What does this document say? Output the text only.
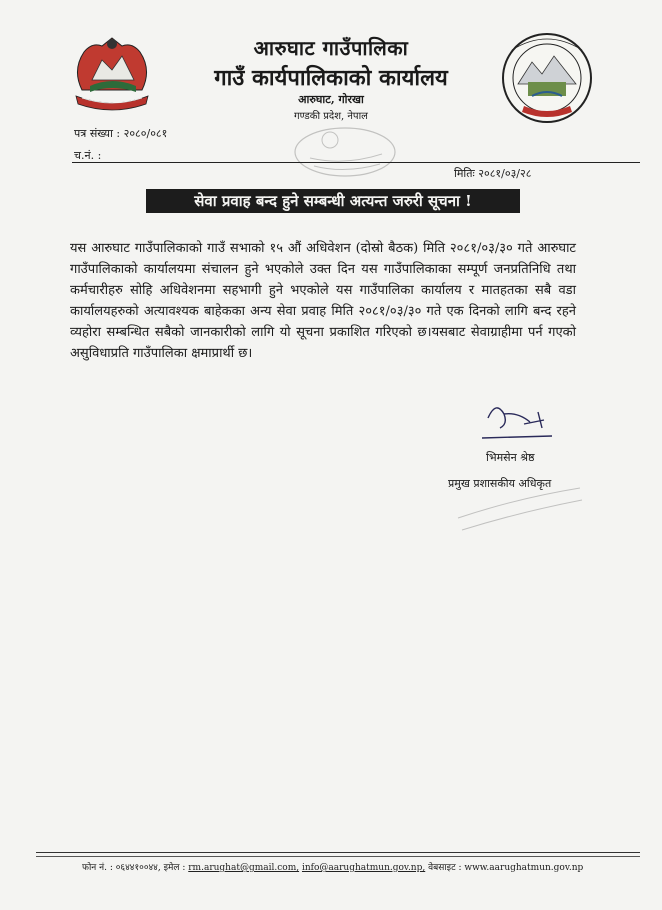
आरुघाट गाउँपालिका
गाउँ कार्यपालिकाको कार्यालय
आरुघाट, गोरखा
गण्डकी प्रदेश, नेपाल
पत्र संख्या : २०८०/०८१
च.नं. :
मितिः २०८१/०३/२८
सेवा प्रवाह बन्द हुने सम्बन्धी अत्यन्त जरुरी सूचना !
यस आरुघाट गाउँपालिकाको गाउँ सभाको १५ औं अधिवेशन (दोस्रो बैठक) मिति २०८१/०३/३० गते आरुघाट गाउँपालिकाको कार्यालयमा संचालन हुने भएकोले उक्त दिन यस गाउँपालिकाका सम्पूर्ण जनप्रतिनिधि तथा कर्मचारीहरु सोहि अधिवेशनमा सहभागी हुने भएकोले यस गाउँपालिका कार्यालय र मातहतका सबै वडा कार्यालयहरुको अत्यावश्यक बाहेकका अन्य सेवा प्रवाह मिति २०८१/०३/३० गते एक दिनको लागि बन्द रहने व्यहोरा सम्बन्धित सबैको जानकारीको लागि यो सूचना प्रकाशित गरिएको छ।यसबाट सेवाग्राहीमा पर्न गएको असुविधाप्रति गाउँपालिका क्षमाप्रार्थी छ।
भिमसेन श्रेष्ठ
प्रमुख प्रशासकीय अधिकृत
फोन नं. : ०६४४१००४४, इमेल : rm.arughat@gmail.com, info@aarughatmun.gov.np, वेबसाइट : www.aarughatmun.gov.np
